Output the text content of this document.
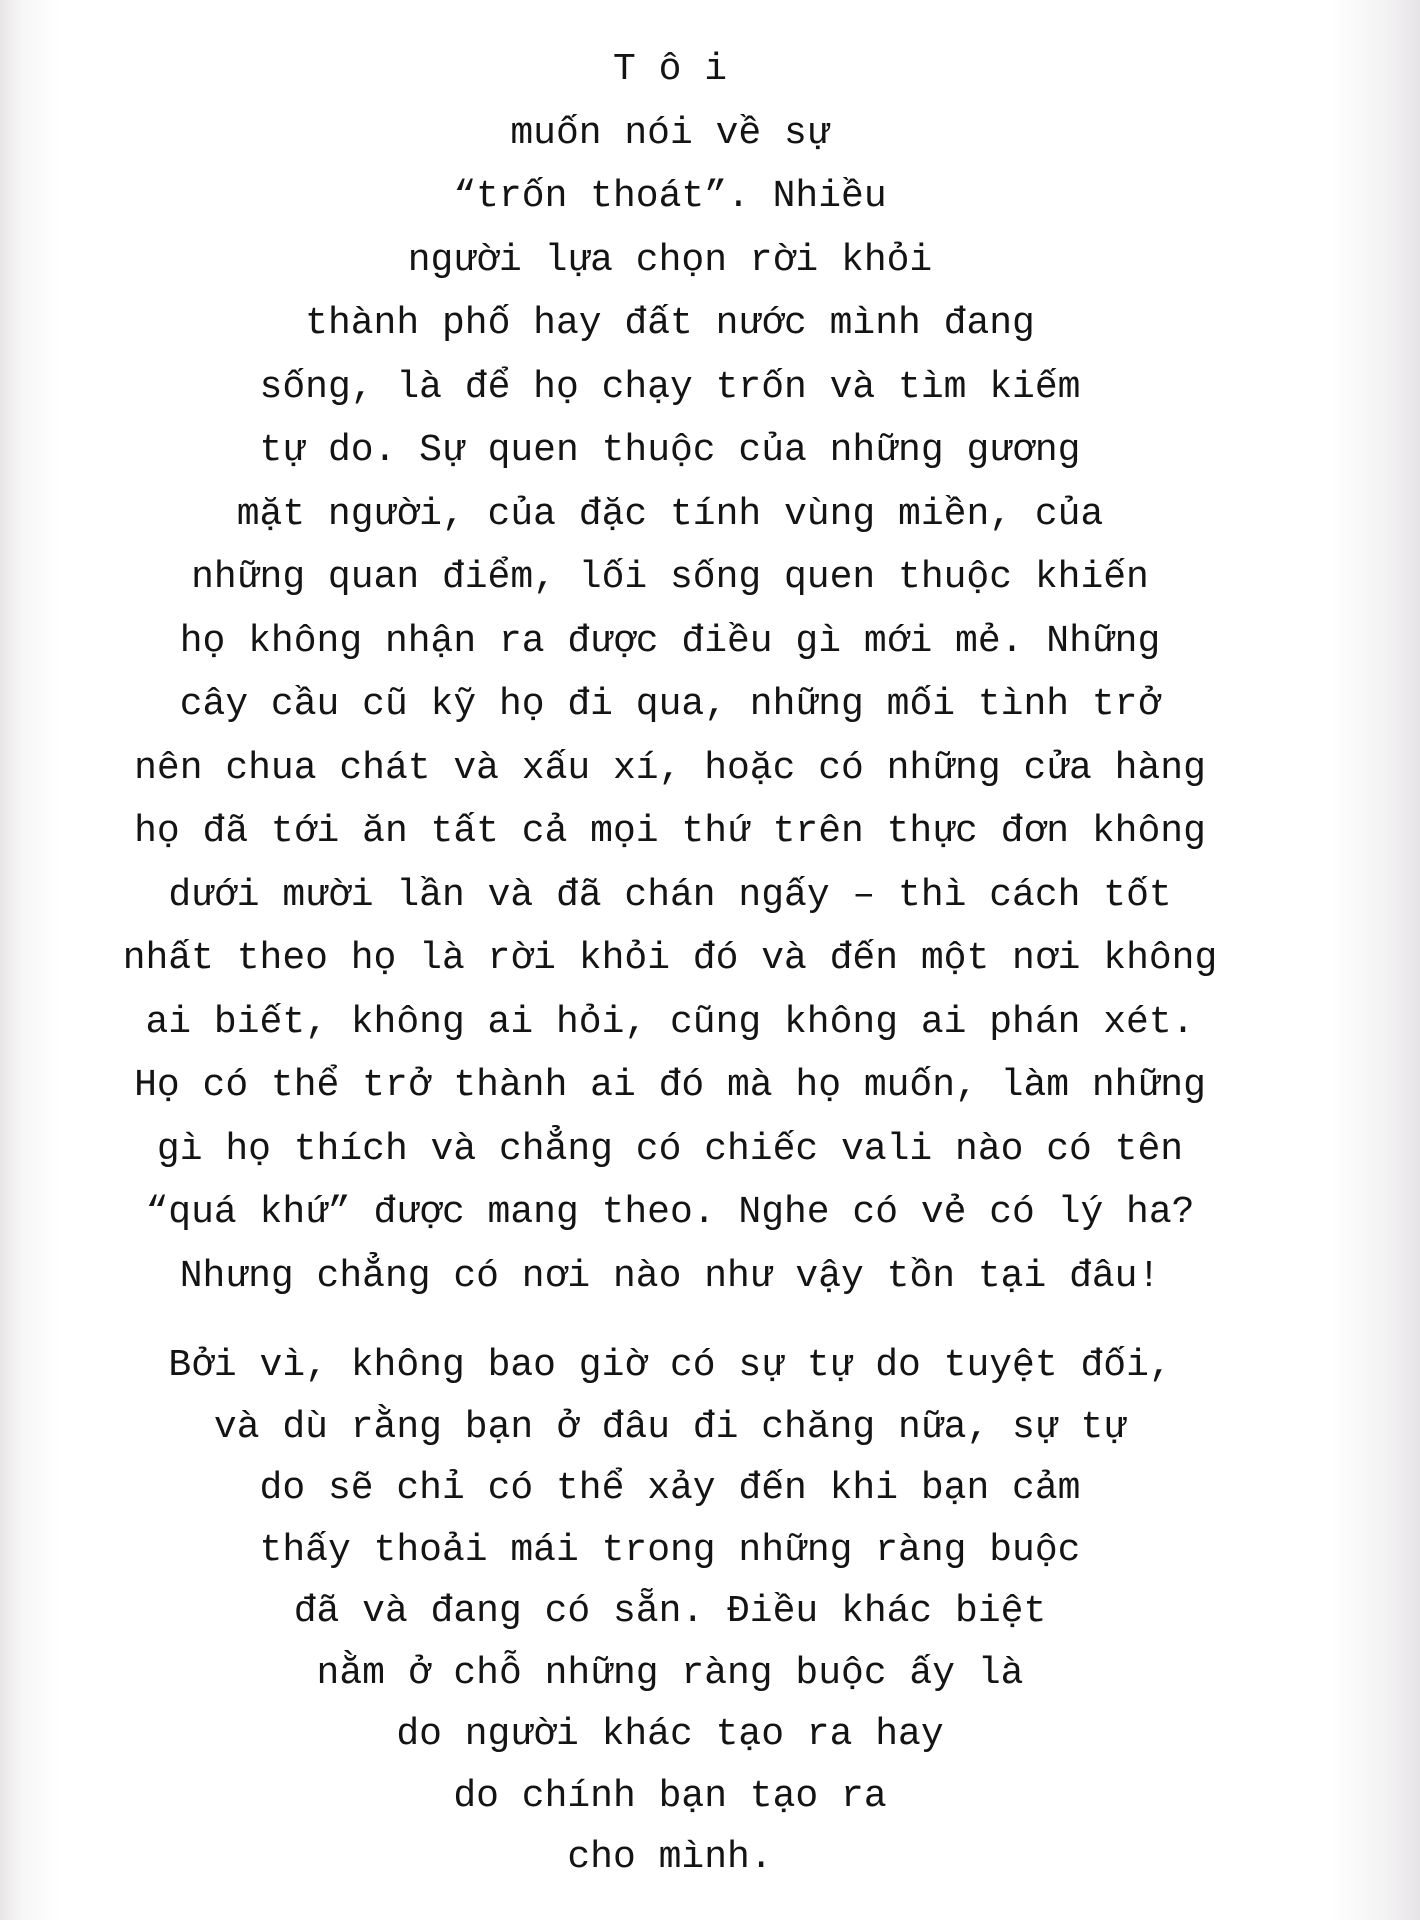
T ô i
muốn nói về sự
“trốn thoát”. Nhiều
người lựa chọn rời khỏi
thành phố hay đất nước mình đang
sống, là để họ chạy trốn và tìm kiếm
tự do. Sự quen thuộc của những gương
mặt người, của đặc tính vùng miền, của
những quan điểm, lối sống quen thuộc khiến
họ không nhận ra được điều gì mới mẻ. Những
cây cầu cũ kỹ họ đi qua, những mối tình trở
nên chua chát và xấu xí, hoặc có những cửa hàng
họ đã tới ăn tất cả mọi thứ trên thực đơn không
dưới mười lần và đã chán ngấy – thì cách tốt
nhất theo họ là rời khỏi đó và đến một nơi không
ai biết, không ai hỏi, cũng không ai phán xét.
Họ có thể trở thành ai đó mà họ muốn, làm những
gì họ thích và chẳng có chiếc vali nào có tên
“quá khứ” được mang theo. Nghe có vẻ có lý ha?
Nhưng chẳng có nơi nào như vậy tồn tại đâu!
Bởi vì, không bao giờ có sự tự do tuyệt đối,
và dù rằng bạn ở đâu đi chăng nữa, sự tự
do sẽ chỉ có thể xảy đến khi bạn cảm
thấy thoải mái trong những ràng buộc
đã và đang có sẵn. Điều khác biệt
nằm ở chỗ những ràng buộc ấy là
do người khác tạo ra hay
do chính bạn tạo ra
cho mình.
